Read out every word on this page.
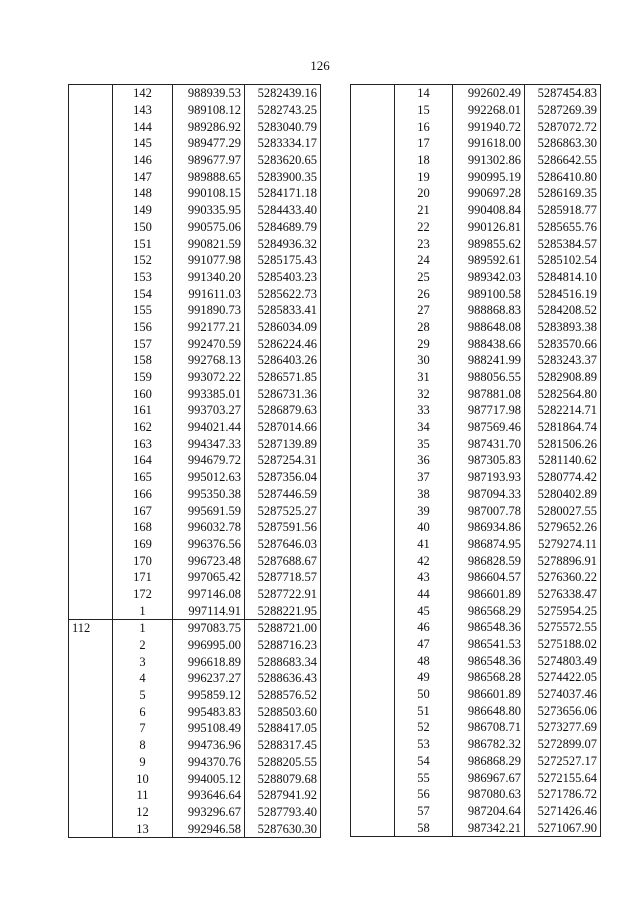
126
	142	988939.53	5282439.16
	143	989108.12	5282743.25
	144	989286.92	5283040.79
	145	989477.29	5283334.17
	146	989677.97	5283620.65
	147	989888.65	5283900.35
	148	990108.15	5284171.18
	149	990335.95	5284433.40
	150	990575.06	5284689.79
	151	990821.59	5284936.32
	152	991077.98	5285175.43
	153	991340.20	5285403.23
	154	991611.03	5285622.73
	155	991890.73	5285833.41
	156	992177.21	5286034.09
	157	992470.59	5286224.46
	158	992768.13	5286403.26
	159	993072.22	5286571.85
	160	993385.01	5286731.36
	161	993703.27	5286879.63
	162	994021.44	5287014.66
	163	994347.33	5287139.89
	164	994679.72	5287254.31
	165	995012.63	5287356.04
	166	995350.38	5287446.59
	167	995691.59	5287525.27
	168	996032.78	5287591.56
	169	996376.56	5287646.03
	170	996723.48	5287688.67
	171	997065.42	5287718.57
	172	997146.08	5287722.91
	1	997114.91	5288221.95
112	1	997083.75	5288721.00
	2	996995.00	5288716.23
	3	996618.89	5288683.34
	4	996237.27	5288636.43
	5	995859.12	5288576.52
	6	995483.83	5288503.60
	7	995108.49	5288417.05
	8	994736.96	5288317.45
	9	994370.76	5288205.55
	10	994005.12	5288079.68
	11	993646.64	5287941.92
	12	993296.67	5287793.40
	13	992946.58	5287630.30
	14	992602.49	5287454.83
	15	992268.01	5287269.39
	16	991940.72	5287072.72
	17	991618.00	5286863.30
	18	991302.86	5286642.55
	19	990995.19	5286410.80
	20	990697.28	5286169.35
	21	990408.84	5285918.77
	22	990126.81	5285655.76
	23	989855.62	5285384.57
	24	989592.61	5285102.54
	25	989342.03	5284814.10
	26	989100.58	5284516.19
	27	988868.83	5284208.52
	28	988648.08	5283893.38
	29	988438.66	5283570.66
	30	988241.99	5283243.37
	31	988056.55	5282908.89
	32	987881.08	5282564.80
	33	987717.98	5282214.71
	34	987569.46	5281864.74
	35	987431.70	5281506.26
	36	987305.83	5281140.62
	37	987193.93	5280774.42
	38	987094.33	5280402.89
	39	987007.78	5280027.55
	40	986934.86	5279652.26
	41	986874.95	5279274.11
	42	986828.59	5278896.91
	43	986604.57	5276360.22
	44	986601.89	5276338.47
	45	986568.29	5275954.25
	46	986548.36	5275572.55
	47	986541.53	5275188.02
	48	986548.36	5274803.49
	49	986568.28	5274422.05
	50	986601.89	5274037.46
	51	986648.80	5273656.06
	52	986708.71	5273277.69
	53	986782.32	5272899.07
	54	986868.29	5272527.17
	55	986967.67	5272155.64
	56	987080.63	5271786.72
	57	987204.64	5271426.46
	58	987342.21	5271067.90
